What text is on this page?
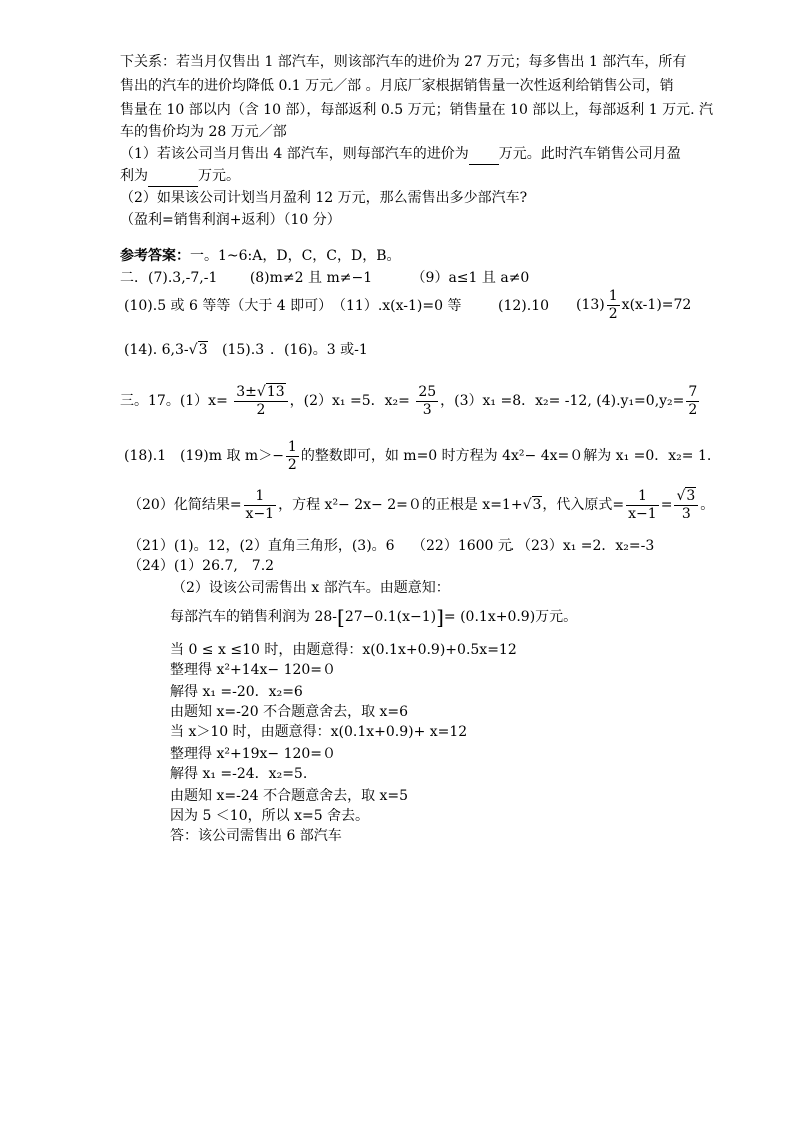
下关系：若当月仅售出 1 部汽车，则该部汽车的进价为 27 万元；每多售出 1 部汽车，所有
售出的汽车的进价均降低 0.1 万元／部 。月底厂家根据销售量一次性返利给销售公司，销
售量在 10 部以内（含 10 部），每部返利 0.5 万元；销售量在 10 部以上，每部返利 1 万元. 汽
车的售价均为 28 万元／部
（1）若该公司当月售出 4 部汽车，则每部汽车的进价为 万元。此时汽车销售公司月盈
利为	万元。
（2）如果该公司计划当月盈利 12 万元，那么需售出多少部汽车?
（盈利=销售利润+返利）（10 分）
参考答案：一。1~6:A，D，C，C，D，B。
二．(7).3,-7,-1 　　(8)m≠2 且 m≠−1 　　　（9）a≤1 且 a≠0
(10).5 或 6 等等（大于 4 即可） （11）.x(x-1)=0 等	(12).10 $(13) \frac{1}{2} x(x-1)=72$
(14). 6,3-√3 (15).3 ．(16)。3 或-1
三。17。$(1)x= \frac{3\pm√13}{2}$ ，(2）x₁ =5．$x_2= \frac{25}{3}$ ，(3）x₁ =8．x₂= -12, $(4).y_1=0,y_2= \frac{7}{2}$
(18).1 (19)m 取 $m>- \frac{1}{2}$ 的整数即可，如 m=0 时方程为 4x²− 4x=０解为 x₁ =0．x₂= 1.
（20）化简结果= $\frac{1}{x-1}$ ，方程 x²− 2x− 2=０的正根是 x=1+√3，代入原式= $\frac{1}{x-1} = \frac{√3}{3}$ 。
（21）(1)。12，(2）直角三角形，(3)。6 （22）1600 元
．（23）x₁ =2．x₂=-3
（24）(1）26.7,　7.2
（2）设该公司需售出 x 部汽车。由题意知：
每部汽车的销售利润为 28-[27−0.1(x−1)]= (0.1x+0.9)万元。
当 0 ≤ x ≤10 时，由题意得：x(0.1x+0.9)+0.5x=12
整理得 x²+14x− 120=０
解得 x₁ =-20．x₂=6
由题知 x=-20 不合题意舍去，取 x=6
当 x＞10 时，由题意得：x(0.1x+0.9)+ x=12
整理得 x²+19x− 120=０
解得 x₁ =-24．x₂=5.
由题知 x=-24 不合题意舍去，取 x=5
因为 5 ＜10，所以 x=5 舍去。
答：该公司需售出 6 部汽车
